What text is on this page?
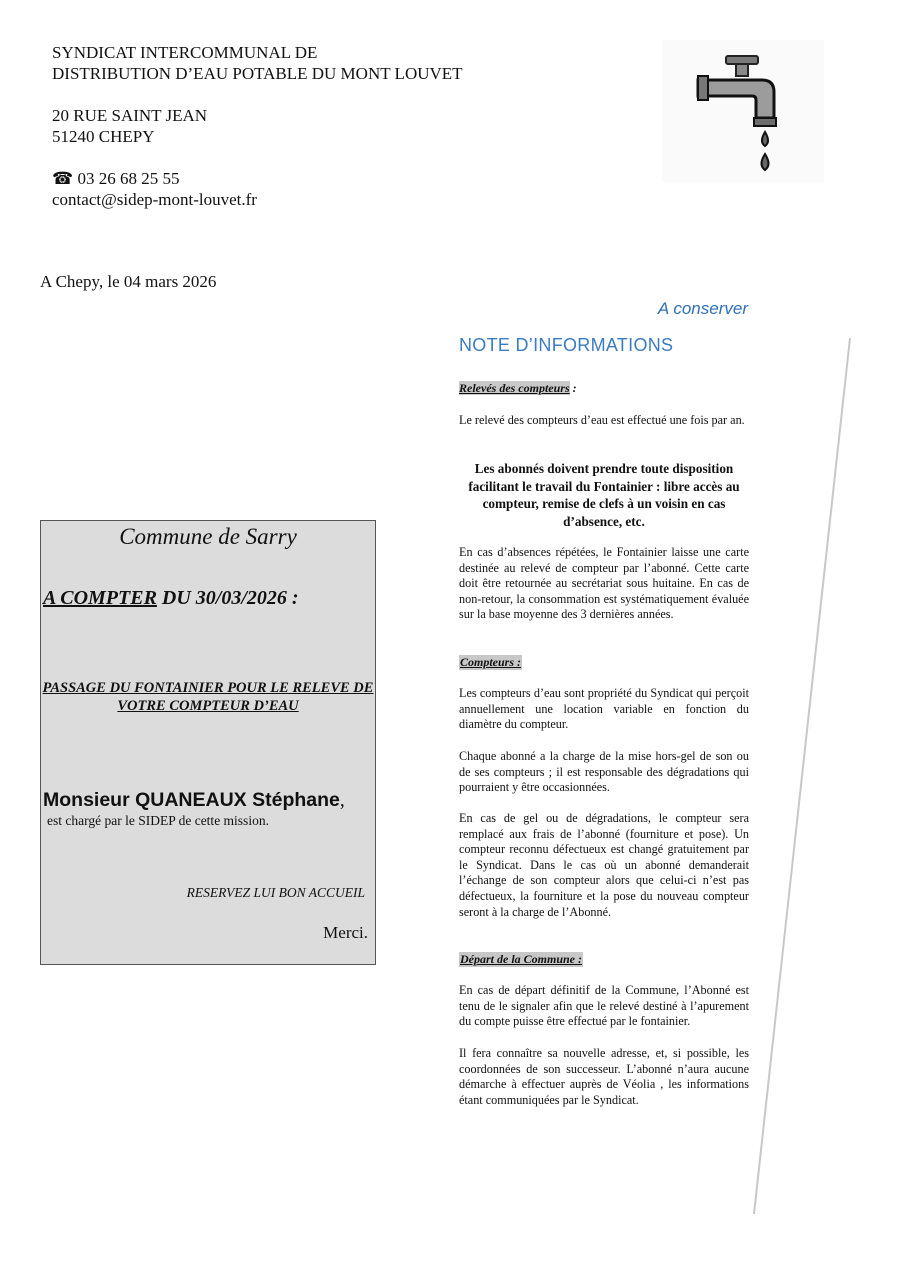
SYNDICAT INTERCOMMUNAL DE
DISTRIBUTION D’EAU POTABLE DU MONT LOUVET
20 RUE SAINT JEAN
51240 CHEPY
☎ 03 26 68 25 55
contact@sidep-mont-louvet.fr
A Chepy, le 04 mars 2026
A conserver
NOTE D’INFORMATIONS
Relevés des compteurs :
Le relevé des compteurs d’eau est effectué une fois par an.
Les abonnés doivent prendre toute disposition facilitant le travail du Fontainier : libre accès au compteur, remise de clefs à un voisin en cas d’absence, etc.
En cas d’absences répétées, le Fontainier laisse une carte destinée au relevé de compteur par l’abonné. Cette carte doit être retournée au secrétariat sous huitaine. En cas de non-retour, la consommation est systématiquement évaluée sur la base moyenne des 3 dernières années.
Compteurs :
Les compteurs d’eau sont propriété du Syndicat qui perçoit annuellement une location variable en fonction du diamètre du compteur.
Chaque abonné a la charge de la mise hors-gel de son ou de ses compteurs ; il est responsable des dégradations qui pourraient y être occasionnées.
En cas de gel ou de dégradations, le compteur sera remplacé aux frais de l’abonné (fourniture et pose). Un compteur reconnu défectueux est changé gratuitement par le Syndicat. Dans le cas où un abonné demanderait l’échange de son compteur alors que celui-ci n’est pas défectueux, la fourniture et la pose du nouveau compteur seront à la charge de l’Abonné.
Départ de la Commune :
En cas de départ définitif de la Commune, l’Abonné est tenu de le signaler afin que le relevé destiné à l’apurement du compte puisse être effectué par le fontainier.
Il fera connaître sa nouvelle adresse, et, si possible, les coordonnées de son successeur. L’abonné n’aura aucune démarche à effectuer auprès de Véolia , les informations étant communiquées par le Syndicat.
Commune de Sarry
A COMPTER DU 30/03/2026 :
PASSAGE DU FONTAINIER POUR LE RELEVE DE VOTRE COMPTEUR D’EAU
Monsieur QUANEAUX Stéphane,
est chargé par le SIDEP de cette mission.
RESERVEZ LUI BON ACCUEIL
Merci.
